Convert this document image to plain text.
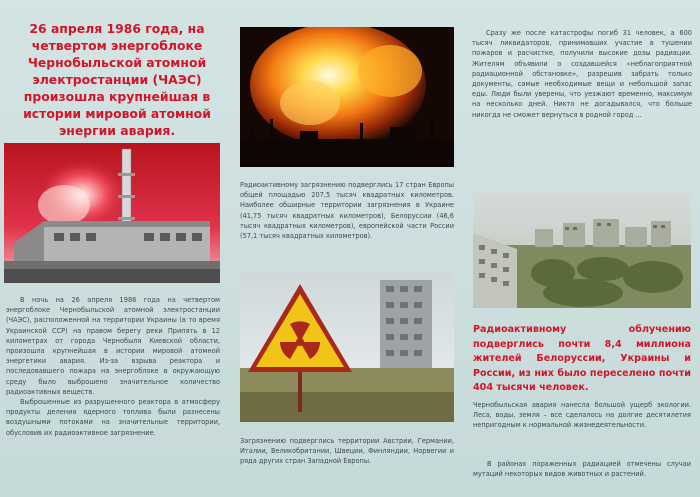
26 апреля 1986 года, на четвертом энергоблоке Чернобыльской атомной электростанции (ЧАЭС) произошла крупнейшая в истории мировой атомной энергии авария.

В ночь на 26 апреля 1986 года на четвертом энергоблоке Чернобыльской атомной электростанции (ЧАЭС), расположенной на территории Украины (в то время Украинской ССР) на правом берегу реки Припять в 12 километрах от города Чернобыля Киевской области, произошла крупнейшая в истории мировой атомной энергетики авария. Из-за взрыва реактора и последовавшего пожара на энергоблоке в окружающую среду было выброшено значительное количество радиоактивных веществ.

Выброшенные из разрушенного реактора в атмосферу продукты деления ядерного топлива были разнесены воздушными потоками на значительные территории, обусловив их радиоактивное загрязнение.

Радиоактивному загрязнению подверглись 17 стран Европы общей площадью 207,5 тысяч квадратных километров. Наиболее обширные территории загрязнения в Украине (41,75 тысяч квадратных километров), Белоруссии (46,6 тысяч квадратных километров), европейской части России (57,1 тысяч квадратных километров).
Загрязнению подверглись территории Австрии, Германии, Италии, Великобритании, Швеции, Финляндии, Норвегии и ряда других стран Западной Европы.

Сразу же после катастрофы погиб 31 человек, а 600 тысяч ликвидаторов, принимавших участие в тушении пожаров и расчистке, получили высокие дозы радиации. Жителям объявили о создавшейся «неблагоприятной радиационной обстановке», разрешив забрать только документы, самые необходимые вещи и небольшой запас еды. Люди были уверены, что уезжают временно, максимум на несколько дней. Никто не догадывался, что больше никогда не сможет вернуться в родной город ...

Радиоактивному облучению подверглись почти 8,4 миллиона жителей Белоруссии, Украины и России, из них было переселено почти 404 тысячи человек.

Чернобыльская авария нанесла большой ущерб экологии. Леса, воды, земля – все сделалось на долгие десятилетия непригодным к нормальной жизнедеятельности.

В районах пораженных радиацией отмечены случаи мутаций некоторых видов животных и растений.
